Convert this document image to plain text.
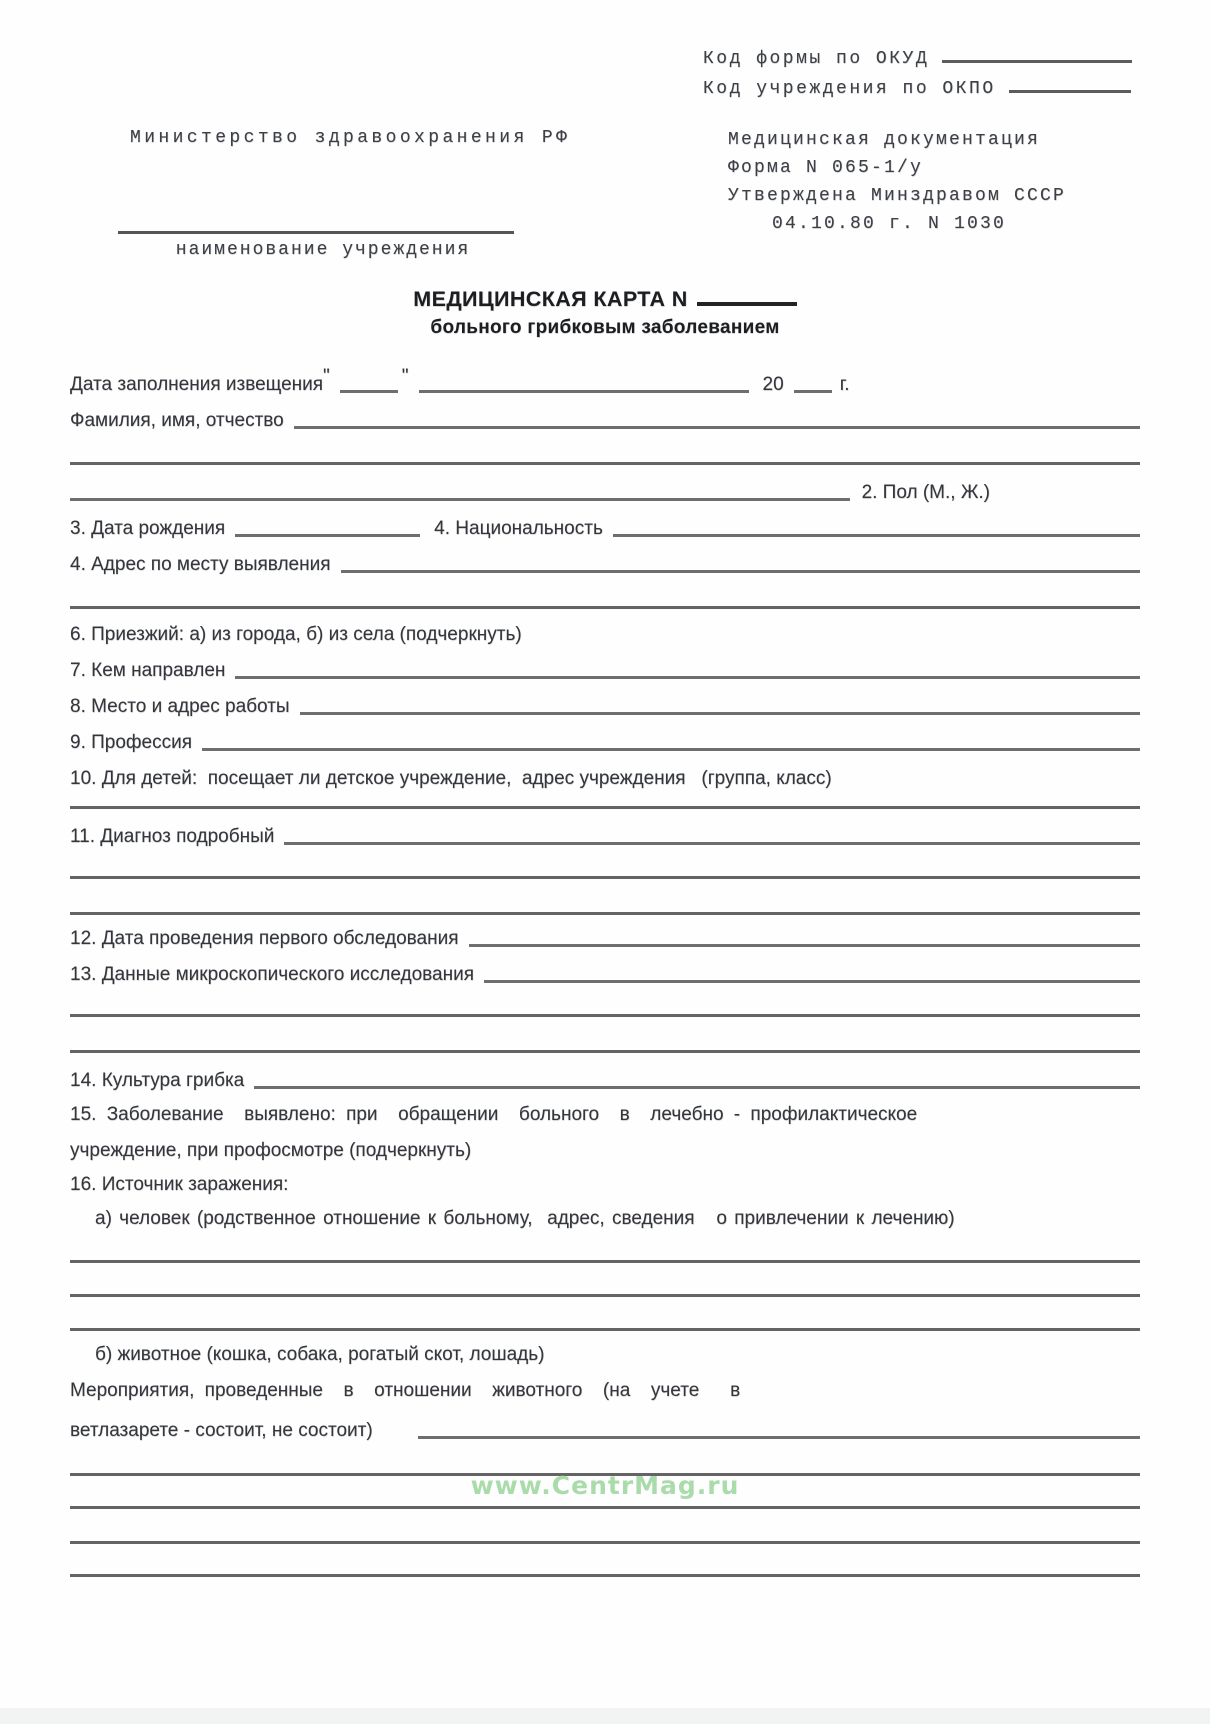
Код формы по ОКУД
Код учреждения по ОКПО
Министерство здравоохранения РФ	Медицинская документация
Форма N 065-1/у
Утверждена Минздравом СССР
04.10.80 г. N 1030
наименование учреждения
МЕДИЦИНСКАЯ КАРТА N
больного грибковым заболеванием
Дата заполнения извещения "	"	20	г.
Фамилия, имя, отчество
2. Пол (М., Ж.)
3. Дата рождения	4. Национальность
4. Адрес по месту выявления
6. Приезжий: а) из города, б) из села (подчеркнуть)
7. Кем направлен
8. Место и адрес работы
9. Профессия
10. Для детей:  посещает ли детское учреждение,  адрес учреждения   (группа, класс)
11. Диагноз подробный
12. Дата проведения первого обследования
13. Данные микроскопического исследования
14. Культура грибка
15. Заболевание  выявлено: при  обращении  больного  в  лечебно - профилактическое
учреждение, при профосмотре (подчеркнуть)
16. Источник заражения:
а) человек (родственное отношение к больному,  адрес, сведения   о привлечении к лечению)
б) животное (кошка, собака, рогатый скот, лошадь)
Мероприятия, проведенные  в  отношении  животного  (на  учете   в
ветлазарете - состоит, не состоит)
www.CentrMag.ru
